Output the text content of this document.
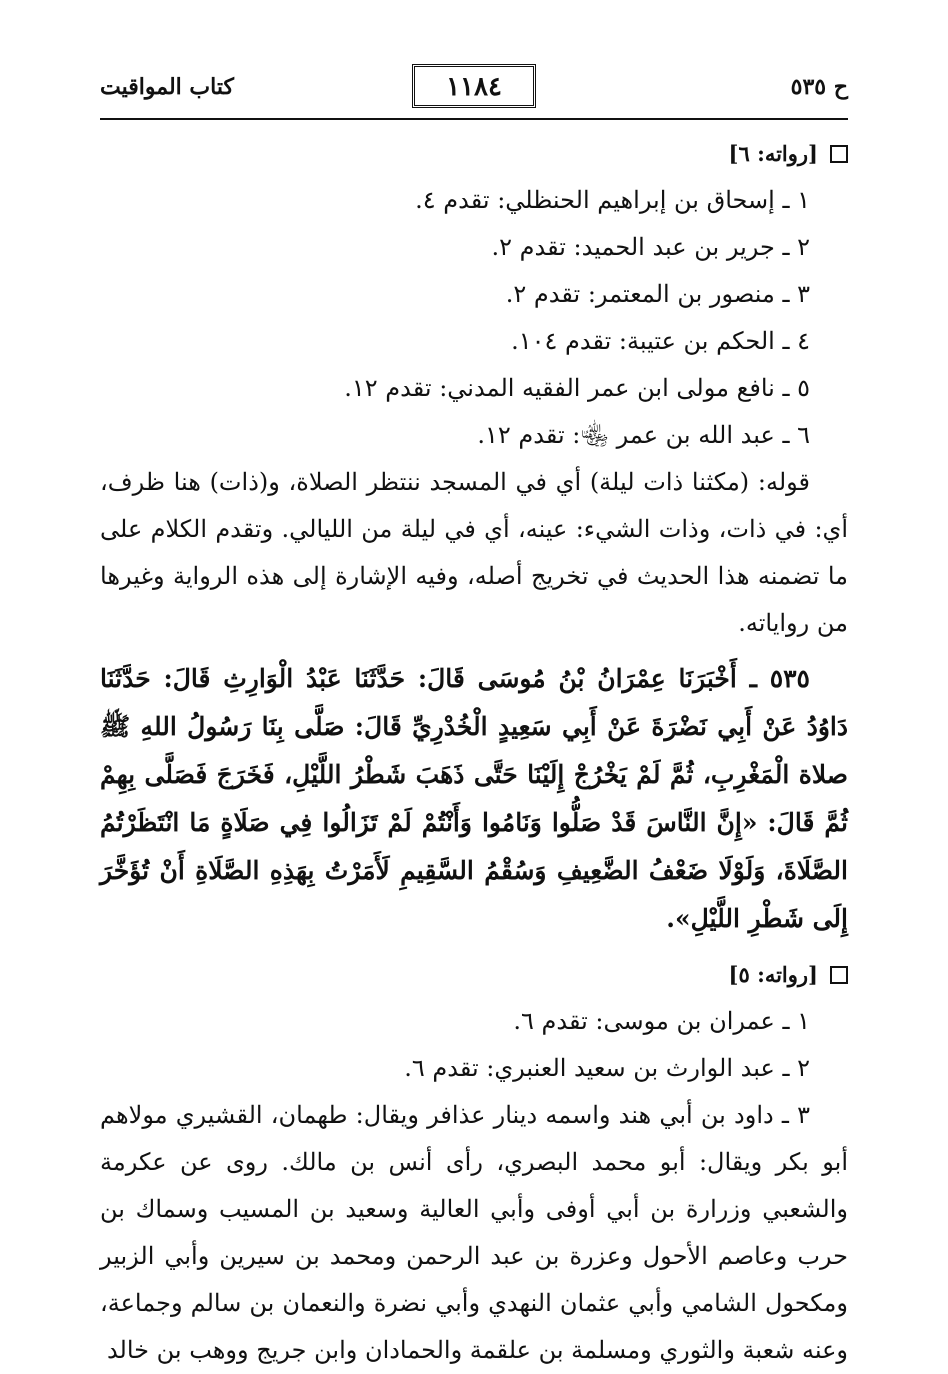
ح ٥٣٥
١١٨٤
كتاب المواقيت
[رواته: ٦]
١ ـ إسحاق بن إبراهيم الحنظلي: تقدم ٤.
٢ ـ جرير بن عبد الحميد: تقدم ٢.
٣ ـ منصور بن المعتمر: تقدم ٢.
٤ ـ الحكم بن عتيبة: تقدم ١٠٤.
٥ ـ نافع مولى ابن عمر الفقيه المدني: تقدم ١٢.
٦ ـ عبد الله بن عمر ﵄: تقدم ١٢.

قوله: (مكثنا ذات ليلة) أي في المسجد ننتظر الصلاة، و(ذات) هنا ظرف، أي: في ذات، وذات الشيء: عينه، أي في ليلة من الليالي. وتقدم الكلام على ما تضمنه هذا الحديث في تخريج أصله، وفيه الإشارة إلى هذه الرواية وغيرها من رواياته.

٥٣٥ ـ أَخْبَرَنَا عِمْرَانُ بْنُ مُوسَى قَالَ: حَدَّثَنَا عَبْدُ الْوَارِثِ قَالَ: حَدَّثَنَا دَاوُدُ عَنْ أَبِي نَضْرَةَ عَنْ أَبِي سَعِيدٍ الْخُدْرِيِّ قَالَ: صَلَّى بِنَا رَسُولُ اللهِ ﷺ صلاة الْمَغْرِبِ، ثُمَّ لَمْ يَخْرُجْ إِلَيْنَا حَتَّى ذَهَبَ شَطْرُ اللَّيْلِ، فَخَرَجَ فَصَلَّى بِهِمْ ثُمَّ قَالَ: «إِنَّ النَّاسَ قَدْ صَلُّوا وَنَامُوا وَأَنْتُمْ لَمْ تَزَالُوا فِي صَلَاةٍ مَا انْتَظَرْتُمُ الصَّلَاةَ، وَلَوْلَا ضَعْفُ الضَّعِيفِ وَسُقْمُ السَّقِيمِ لَأَمَرْتُ بِهَذِهِ الصَّلَاةِ أَنْ تُؤَخَّرَ إِلَى شَطْرِ اللَّيْلِ».

[رواته: ٥]
١ ـ عمران بن موسى: تقدم ٦.
٢ ـ عبد الوارث بن سعيد العنبري: تقدم ٦.

٣ ـ داود بن أبي هند واسمه دينار عذافر ويقال: طهمان، القشيري مولاهم أبو بكر ويقال: أبو محمد البصري، رأى أنس بن مالك. روى عن عكرمة والشعبي وزرارة بن أبي أوفى وأبي العالية وسعيد بن المسيب وسماك بن حرب وعاصم الأحول وعزرة بن عبد الرحمن ومحمد بن سيرين وأبي الزبير ومكحول الشامي وأبي عثمان النهدي وأبي نضرة والنعمان بن سالم وجماعة، وعنه شعبة والثوري ومسلمة بن علقمة والحمادان وابن جريج ووهب بن خالد
